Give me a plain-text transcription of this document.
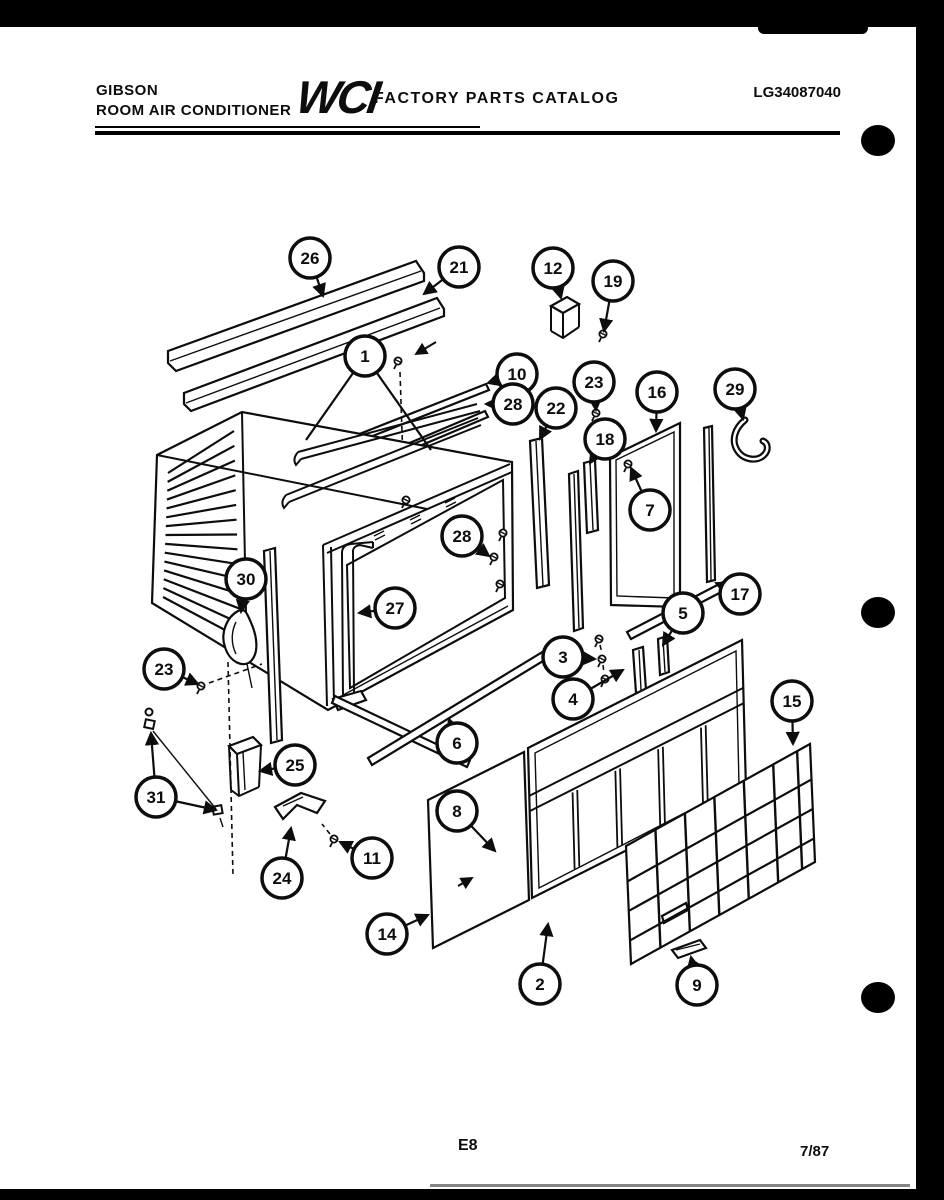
GIBSON
ROOM AIR CONDITIONER WCI
FACTORY PARTS CATALOG	LG34087040
26	21	12
19
1
10
28 22
23
16	29
18
7
28
30
27
17
5
23
3
4
6
15
31
25
8
24
11
14
2	9
E8	7/87
